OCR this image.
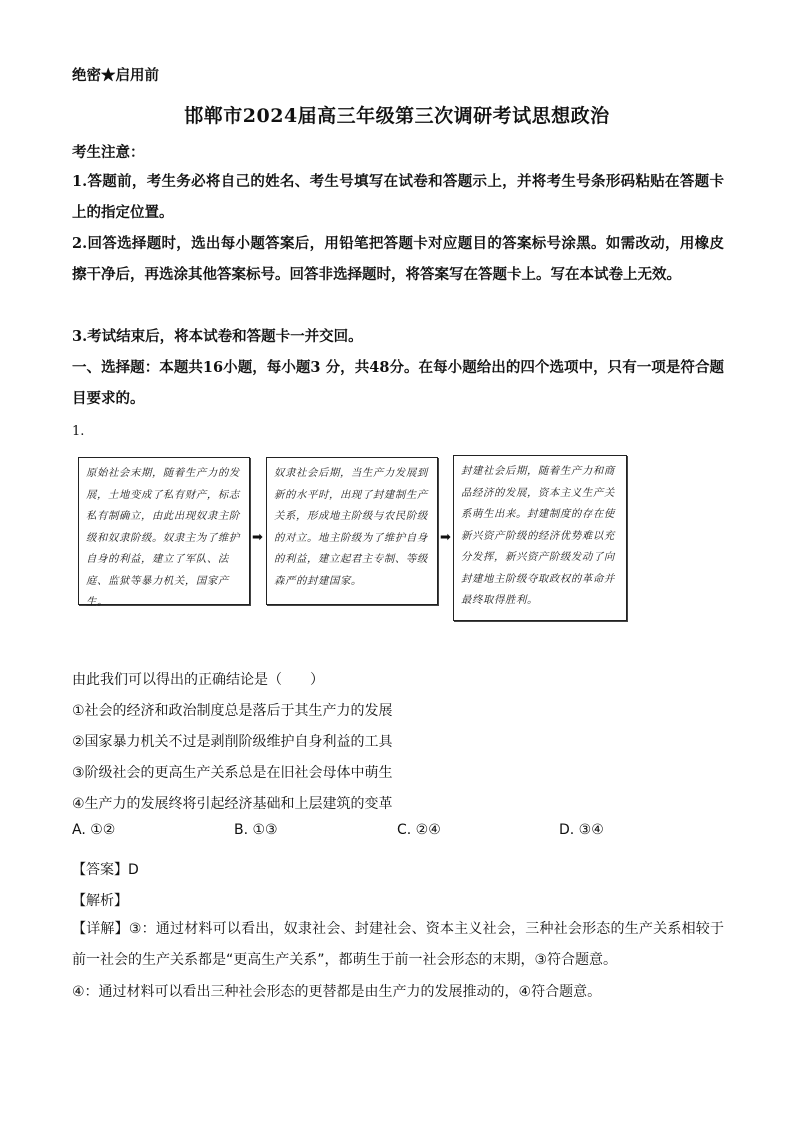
绝密★启用前
邯郸市2024届高三年级第三次调研考试思想政治
考生注意：
1.答题前，考生务必将自己的姓名、考生号填写在试卷和答题示上，并将考生号条形码粘贴在答题卡上的指定位置。
2.回答选择题时，选出每小题答案后，用铅笔把答题卡对应题目的答案标号涂黑。如需改动，用橡皮擦干净后，再选涂其他答案标号。回答非选择题时，将答案写在答题卡上。写在本试卷上无效。
3.考试结束后，将本试卷和答题卡一并交回。
一、选择题：本题共16小题，每小题3 分，共48分。在每小题给出的四个选项中，只有一项是符合题目要求的。
1.
原始社会末期，随着生产力的发展，土地变成了私有财产，标志私有制确立，由此出现奴隶主阶级和奴隶阶级。奴隶主为了维护自身的利益，建立了军队、法庭、监狱等暴力机关，国家产生。
➡
奴隶社会后期，当生产力发展到新的水平时，出现了封建制生产关系，形成地主阶级与农民阶级的对立。地主阶级为了维护自身的利益，建立起君主专制、等级森严的封建国家。
➡
封建社会后期，随着生产力和商品经济的发展，资本主义生产关系萌生出来。封建制度的存在使新兴资产阶级的经济优势难以充分发挥，新兴资产阶级发动了向封建地主阶级夺取政权的革命并最终取得胜利。
由此我们可以得出的正确结论是（　　）
①社会的经济和政治制度总是落后于其生产力的发展
②国家暴力机关不过是剥削阶级维护自身利益的工具
③阶级社会的更高生产关系总是在旧社会母体中萌生
④生产力的发展终将引起经济基础和上层建筑的变革
A. ①②	B. ①③	C. ②④	D. ③④
【答案】D
【解析】
【详解】③：通过材料可以看出，奴隶社会、封建社会、资本主义社会，三种社会形态的生产关系相较于前一社会的生产关系都是“更高生产关系”，都萌生于前一社会形态的末期，③符合题意。
④：通过材料可以看出三种社会形态的更替都是由生产力的发展推动的，④符合题意。
